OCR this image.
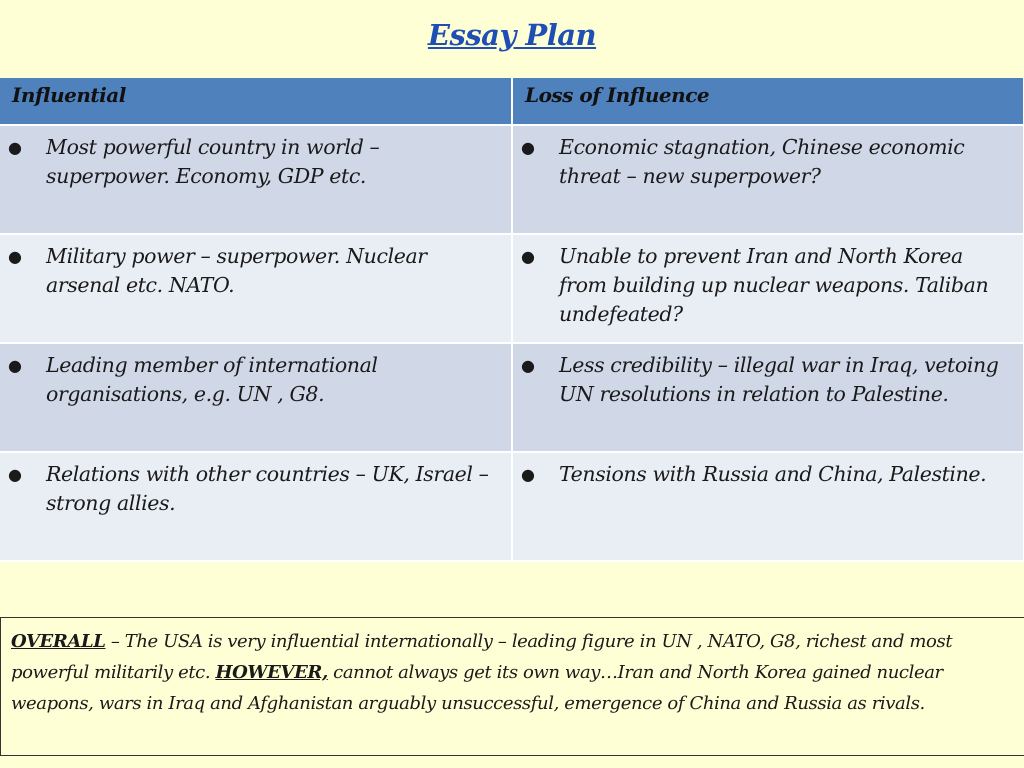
Essay Plan
Influential	Loss of Influence

● Most powerful country in world – superpower. Economy, GDP etc.	● Economic stagnation, Chinese economic threat – new superpower?

● Military power – superpower. Nuclear arsenal etc. NATO.	● Unable to prevent Iran and North Korea from building up nuclear weapons. Taliban undefeated?

● Leading member of international organisations, e.g. UN , G8.	● Less credibility – illegal war in Iraq, vetoing UN resolutions in relation to Palestine.

● Relations with other countries – UK, Israel – strong allies.	● Tensions with Russia and China, Palestine.
OVERALL – The USA is very influential internationally – leading figure in UN , NATO, G8, richest and most powerful militarily etc. HOWEVER, cannot always get its own way…Iran and North Korea gained nuclear weapons, wars in Iraq and Afghanistan arguably unsuccessful, emergence of China and Russia as rivals.
